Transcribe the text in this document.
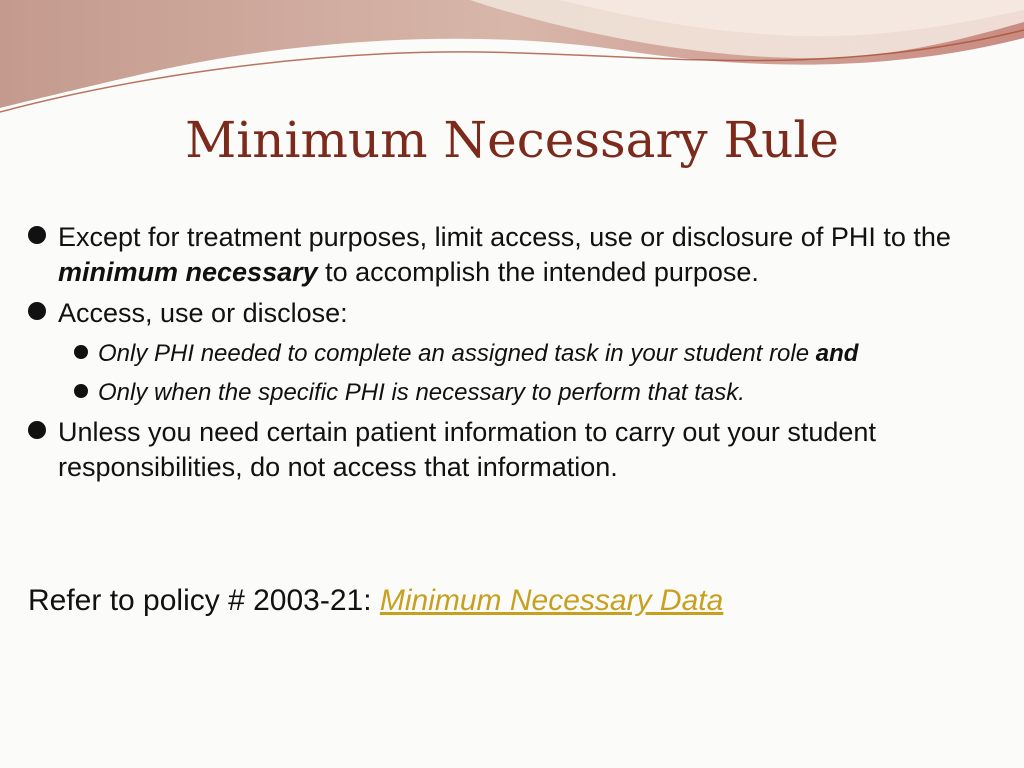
Minimum Necessary Rule
Except for treatment purposes, limit access, use or disclosure of PHI to the minimum necessary to accomplish the intended purpose.
Access, use or disclose:
Only PHI needed to complete an assigned task in your student role and
Only when the specific PHI is necessary to perform that task.
Unless you need certain patient information to carry out your student responsibilities, do not access that information.
Refer to policy # 2003-21: Minimum Necessary Data
